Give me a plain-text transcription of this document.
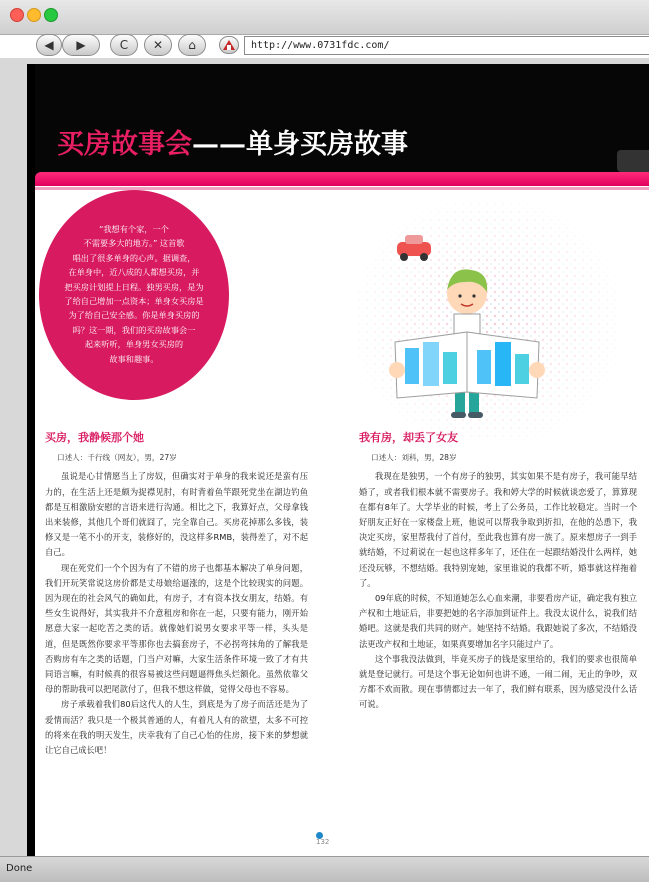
◀	▶	C	✕	⌂	http://www.0731fdc.com/
买房故事会——单身买房故事
“我想有个家，一个
不需要多大的地方。” 这首歌
唱出了很多单身的心声。据调查，
在单身中，近八成的人都想买房，并
把买房计划提上日程。独男买房，是为
了给自己增加一点资本；单身女买房是
为了给自己安全感。你是单身买房的
吗？这一期，我们的买房故事会一
起来听听，单身男女买房的
故事和趣事。
买房，我静候那个她
口述人：千行线（网友），男，27岁

虽说是心甘情愿当上了房奴，但确实对于单身的我来说还是蛮有压力的，在生活上还是颇为捉襟见肘，有时背着鱼竿跟死党坐在湖边钓鱼都是互相激励安慰的言语来进行沟通。相比之下，我算好点，父母拿钱出来装修，其他几个哥们就囧了，完全靠自己。买房花掉那么多钱，装修又是一笔不小的开支，装修好的，没这样多RMB，装得差了，对不起自己。

现在死党们一个个因为有了不错的房子也都基本解决了单身问题，我们开玩笑常说这房价都是丈母娘给逼涨的，这是个比较现实的问题。因为现在的社会风气的确如此，有房子，才有资本找女朋友，结婚。有些女生说得好，其实我并不介意租房和你在一起，只要有能力，刚开始愿意大家一起吃苦之类的话。就像她们说男女要求平等一样，头头是道，但是既然你要求平等那你也去搞套房子，不必拐弯抹角的了解我是否购房有车之类的话题，门当户对嘛，大家生活条件环境一致了才有共同语言嘛，有时候真的很容易被这些问题逼得焦头烂额化。虽然依靠父母的帮助我可以把尾款付了，但我不想这样做，觉得父母也不容易。

房子承载着我们80后这代人的人生，到底是为了房子而活还是为了爱情而活？我只是一个极其普通的人，有着凡人有的欲望，太多不可控的将来在我的明天发生，庆幸我有了自己心怡的住房，接下来的梦想就让它自己成长吧！

我有房，却丢了女友
口述人：刘科，男，28岁

我现在是独男，一个有房子的独男，其实如果不是有房子，我可能早结婚了，或者我们根本就不需要房子。我和婷大学的时候就谈恋爱了，算算现在都有8年了。大学毕业的时候，考上了公务员，工作比较稳定。当时一个好朋友正好在一家楼盘上班，他说可以帮我争取到折扣，在他的怂恿下，我决定买房，家里帮我付了首付，至此我也算有房一族了。原来想房子一到手就结婚，不过莉说在一起也这样多年了，还住在一起跟结婚没什么两样，她还没玩够，不想结婚。我特别宠她，家里谁说的我都不听，婚事就这样拖着了。

09年底的时候，不知道她怎么心血来潮，非要看房产证，确定我有独立产权和土地证后，非要把她的名字添加到证件上。我没太说什么，说我们结婚吧。这就是我们共同的财产。她坚持不结婚。我跟她说了多次，不结婚没法更改产权和土地证，如果真要增加名字只能过户了。

这个事我没法做到，毕竟买房子的钱是家里给的，我们的要求也很简单就是登记就行。可是这个事无论如何也讲不通，一闹二闹，无止的争吵，双方都不欢而散。现在事情都过去一年了，我们鲜有联系，因为感觉没什么话可说。

132
Done
